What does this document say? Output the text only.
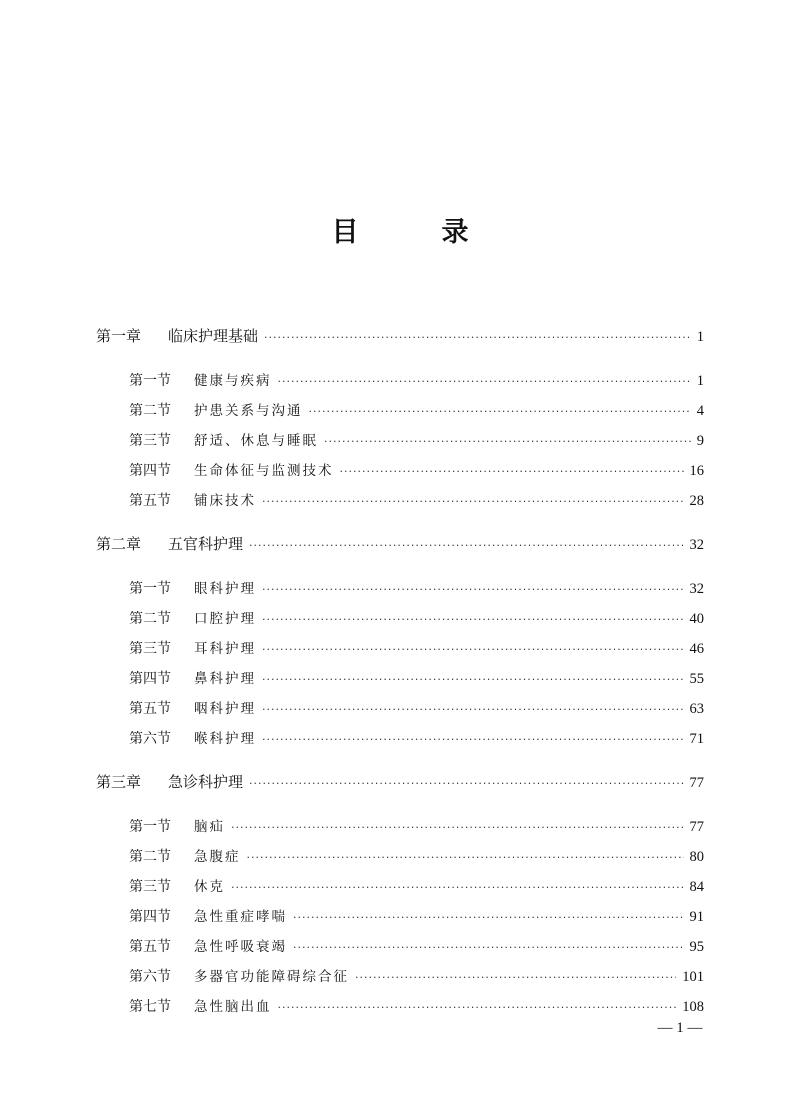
目　录
第一章	临床护理基础 ·····	1
第一节	健康与疾病 ·····	1
第二节	护患关系与沟通 ·····	4
第三节	舒适、休息与睡眠 ·····	9
第四节	生命体征与监测技术 ·····	16
第五节	铺床技术 ·····	28
第二章	五官科护理 ·····	32
第一节	眼科护理 ·····	32
第二节	口腔护理 ·····	40
第三节	耳科护理 ·····	46
第四节	鼻科护理 ·····	55
第五节	咽科护理 ·····	63
第六节	喉科护理 ·····	71
第三章	急诊科护理 ·····	77
第一节	脑疝 ·····	77
第二节	急腹症 ·····	80
第三节	休克 ·····	84
第四节	急性重症哮喘 ·····	91
第五节	急性呼吸衰竭 ·····	95
第六节	多器官功能障碍综合征 ·····	101
第七节	急性脑出血 ·····	108
— 1 —
